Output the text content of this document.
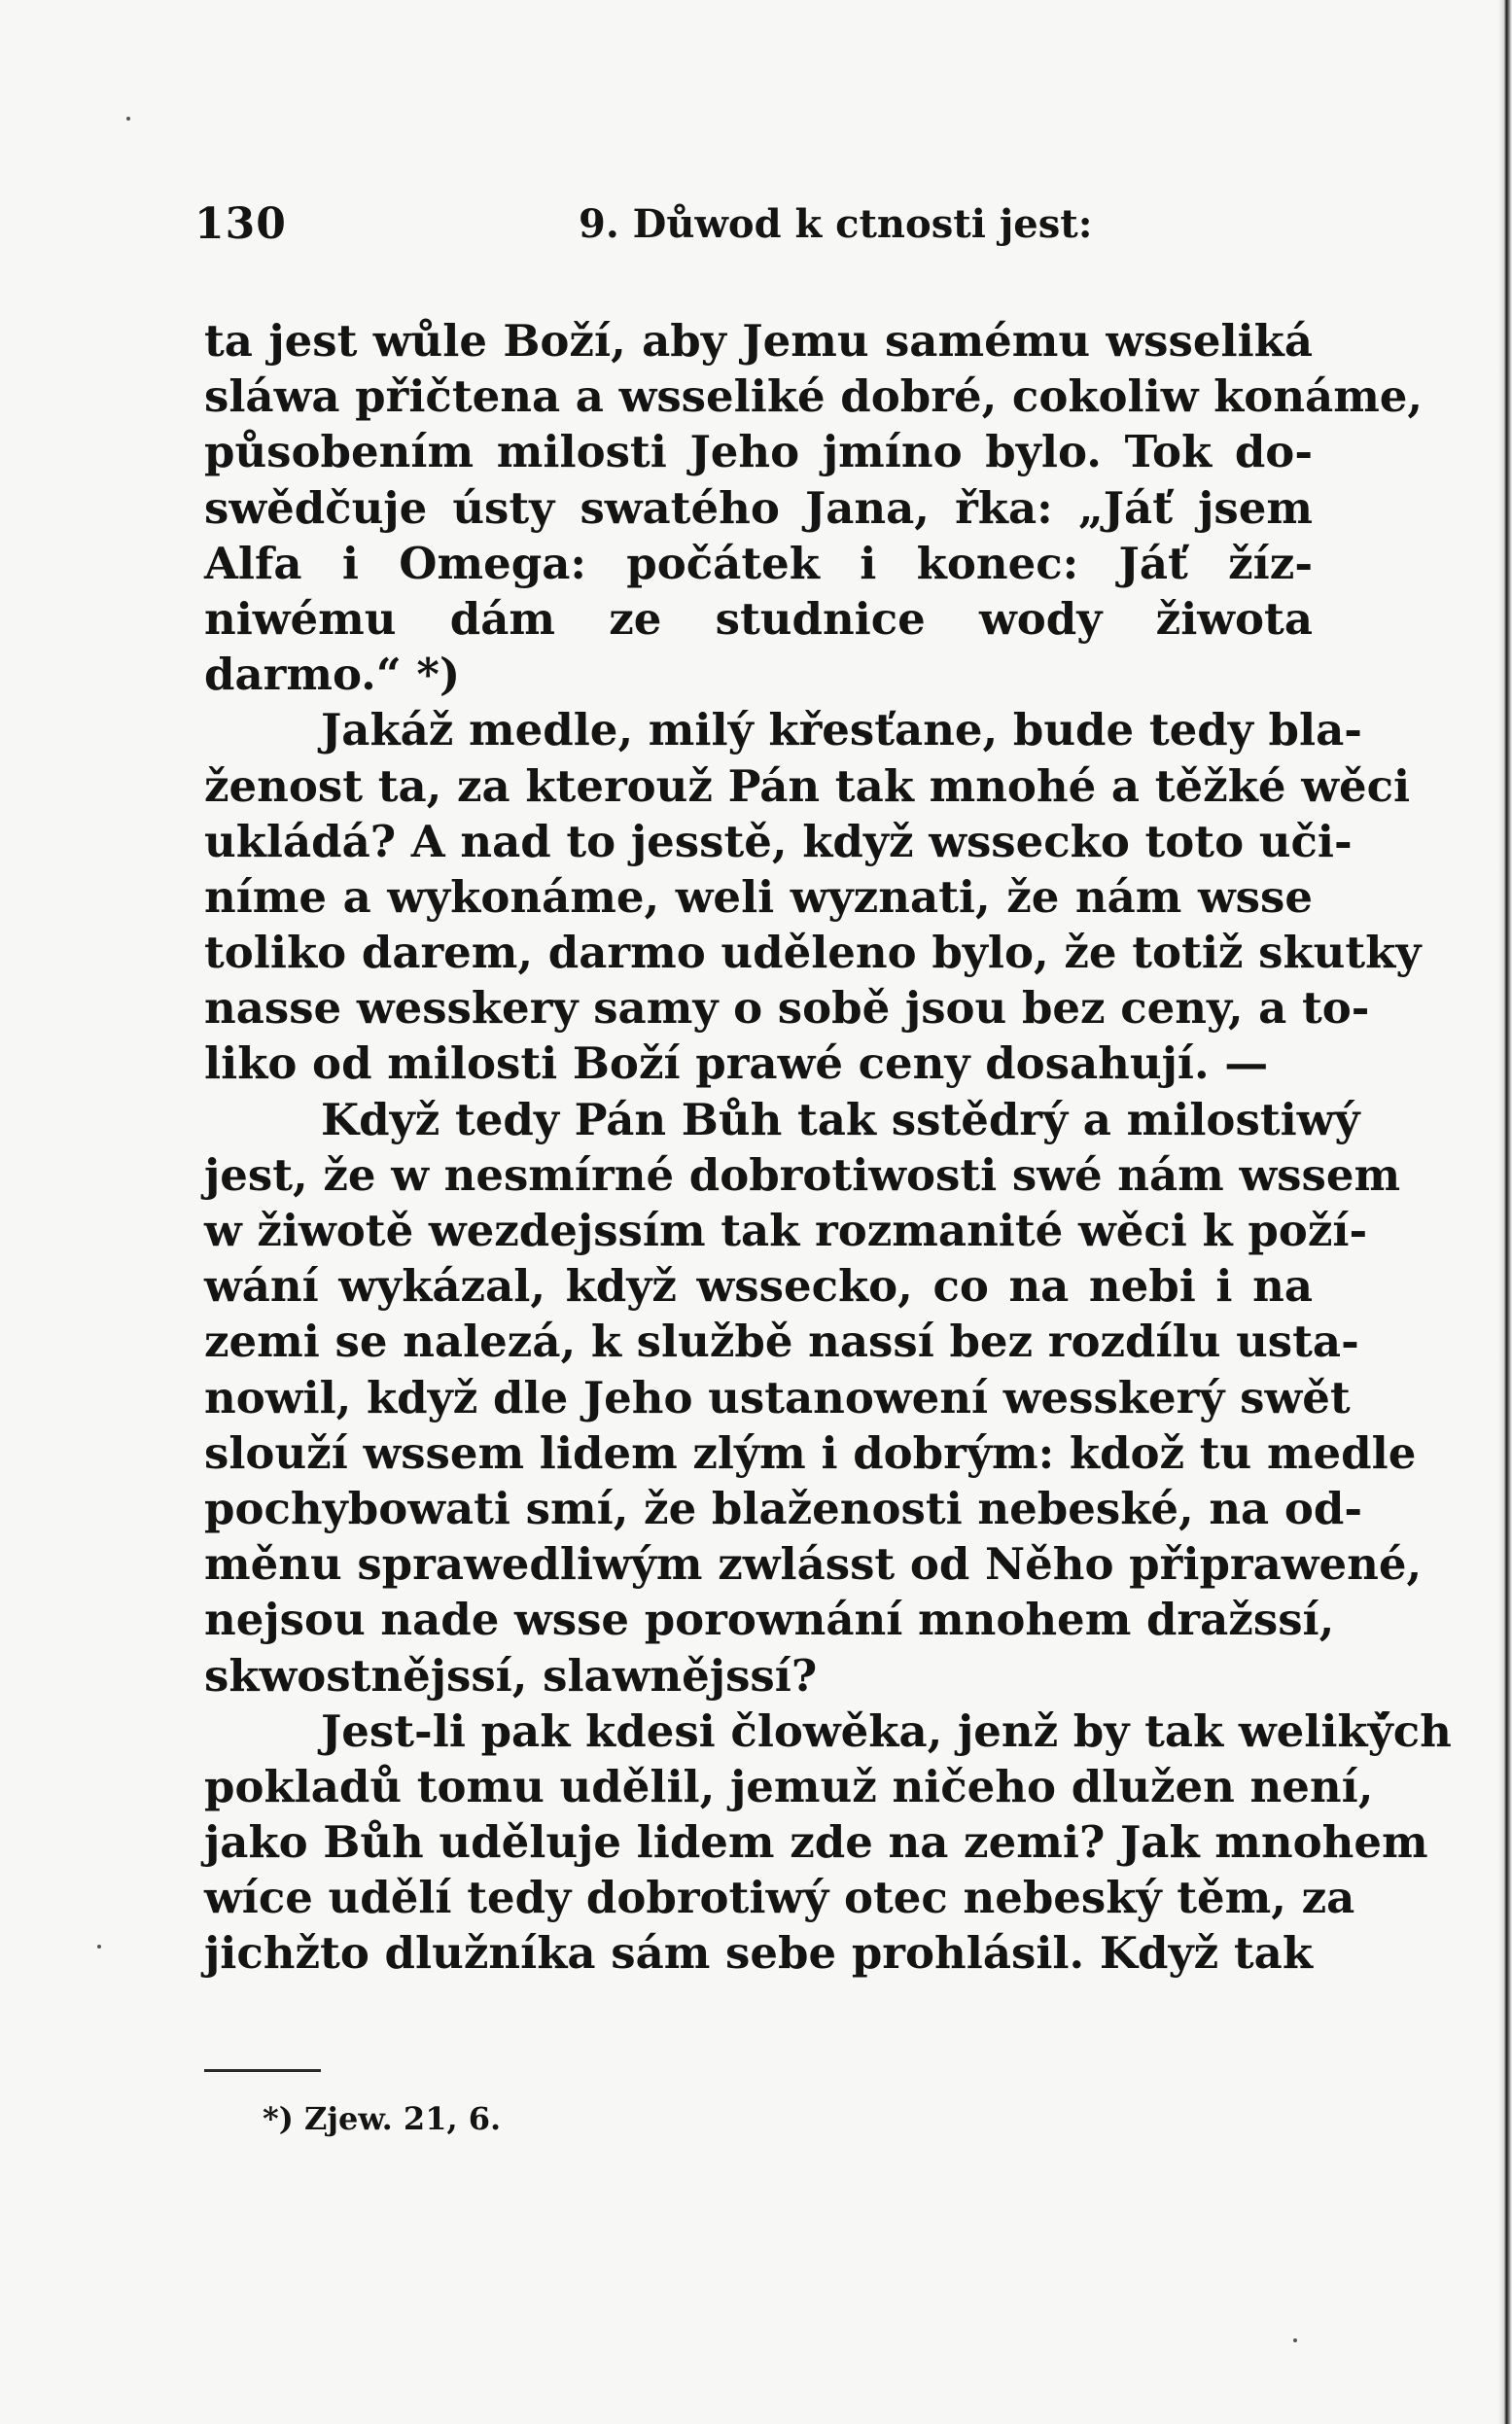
130	9. Důwod k ctnosti jest:
ta jest wůle Boží, aby Jemu samému wsseliká
sláwa přičtena a wsseliké dobré, cokoliw konáme,
působením milosti Jeho jmíno bylo. Tok do-
swědčuje ústy swatého Jana, řka: „Jáť jsem
Alfa i Omega: počátek i konec: Jáť žíz-
niwému dám ze studnice wody žiwota
darmo.“ *)
Jakáž medle, milý křesťane, bude tedy bla-
ženost ta, za kterouž Pán tak mnohé a těžké wěci
ukládá? A nad to jesstě, když wssecko toto uči-
níme a wykonáme, weli wyznati, že nám wsse
toliko darem, darmo uděleno bylo, že totiž skutky
nasse wesskery samy o sobě jsou bez ceny, a to-
liko od milosti Boží prawé ceny dosahují. —
Když tedy Pán Bůh tak sstědrý a milostiwý
jest, že w nesmírné dobrotiwosti swé nám wssem
w žiwotě wezdejssím tak rozmanité wěci k poží-
wání wykázal, když wssecko, co na nebi i na
zemi se nalezá, k službě nassí bez rozdílu usta-
nowil, když dle Jeho ustanowení wesskerý swět
slouží wssem lidem zlým i dobrým: kdož tu medle
pochybowati smí, že blaženosti nebeské, na od-
měnu sprawedliwým zwlásst od Něho připrawené,
nejsou nade wsse porownání mnohem dražssí,
skwostnějssí, slawnějssí?
Jest-li pak kdesi člowěka, jenž by tak weliký̌ch
pokladů tomu udělil, jemuž ničeho dlužen není,
jako Bůh uděluje lidem zde na zemi? Jak mnohem
wíce udělí tedy dobrotiwý otec nebeský těm, za
jichžto dlužníka sám sebe prohlásil. Když tak
*) Zjew. 21, 6.
